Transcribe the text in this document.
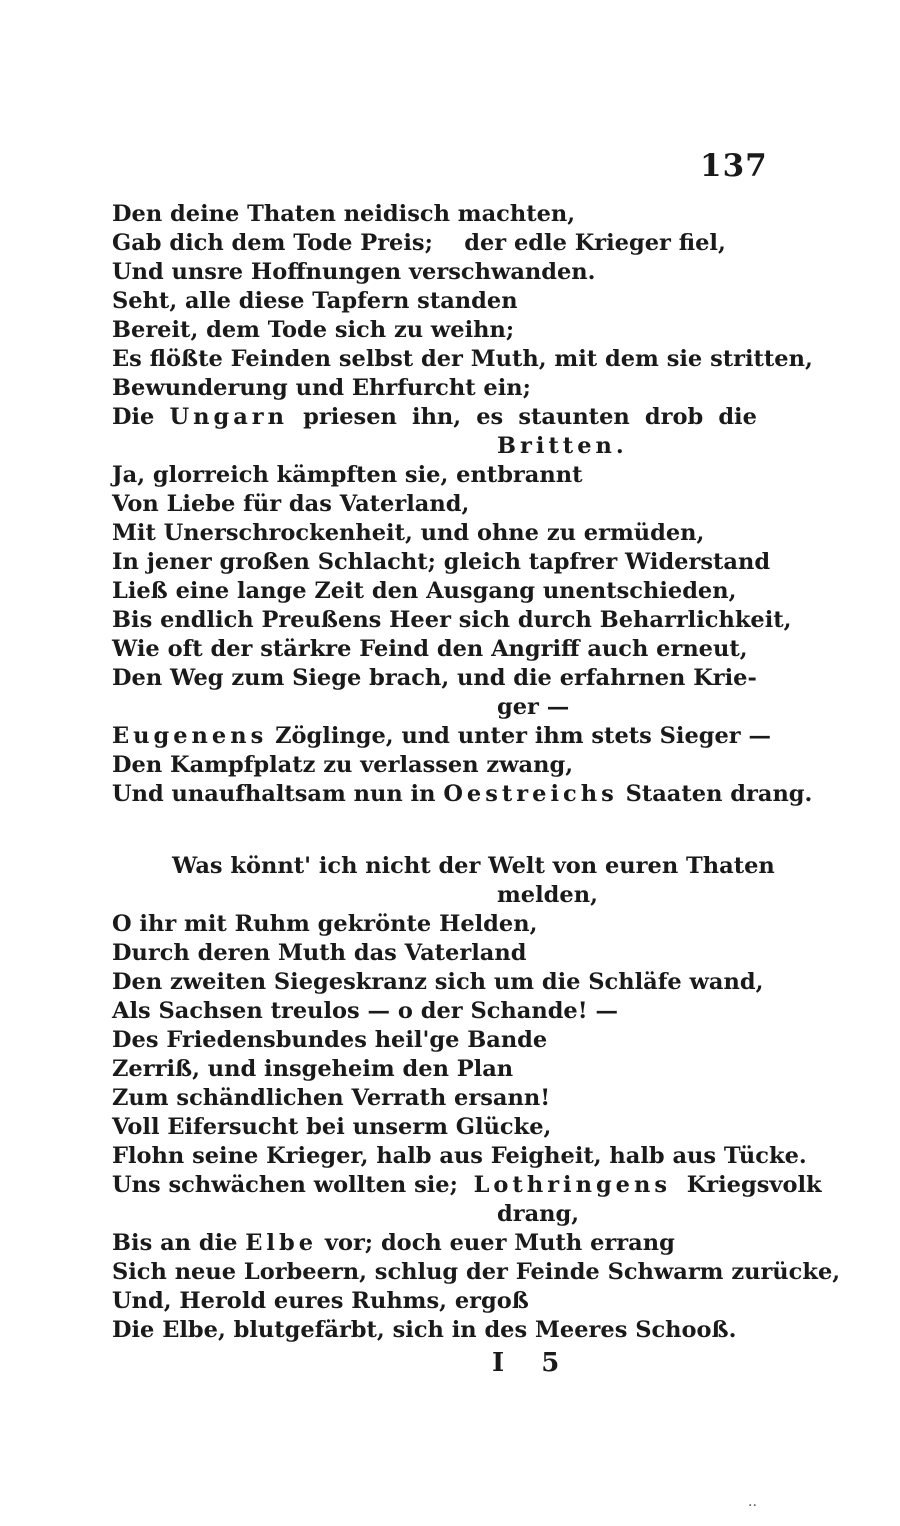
137
Den deine Thaten neidisch machten,
Gab dich dem Tode Preis; der edle Krieger fiel,
Und unsre Hoffnungen verschwanden.
Seht, alle diese Tapfern standen
Bereit, dem Tode sich zu weihn;
Es flößte Feinden selbst der Muth, mit dem sie stritten,
Bewunderung und Ehrfurcht ein;
Die Ungarn priesen ihn, es staunten drob die
Britten.
Ja, glorreich kämpften sie, entbrannt
Von Liebe für das Vaterland,
Mit Unerschrockenheit, und ohne zu ermüden,
In jener großen Schlacht; gleich tapfrer Widerstand
Ließ eine lange Zeit den Ausgang unentschieden,
Bis endlich Preußens Heer sich durch Beharrlichkeit,
Wie oft der stärkre Feind den Angriff auch erneut,
Den Weg zum Siege brach, und die erfahrnen Krie-
ger —
Eugenens Zöglinge, und unter ihm stets Sieger —
Den Kampfplatz zu verlassen zwang,
Und unaufhaltsam nun in Oestreichs Staaten drang.
Was könnt' ich nicht der Welt von euren Thaten
melden,
O ihr mit Ruhm gekrönte Helden,
Durch deren Muth das Vaterland
Den zweiten Siegeskranz sich um die Schläfe wand,
Als Sachsen treulos — o der Schande! —
Des Friedensbundes heil'ge Bande
Zerriß, und insgeheim den Plan
Zum schändlichen Verrath ersann!
Voll Eifersucht bei unserm Glücke,
Flohn seine Krieger, halb aus Feigheit, halb aus Tücke.
Uns schwächen wollten sie; Lothringens Kriegsvolk
drang,
Bis an die Elbe vor; doch euer Muth errang
Sich neue Lorbeern, schlug der Feinde Schwarm zurücke,
Und, Herold eures Ruhms, ergoß
Die Elbe, blutgefärbt, sich in des Meeres Schooß.
I 5
..
